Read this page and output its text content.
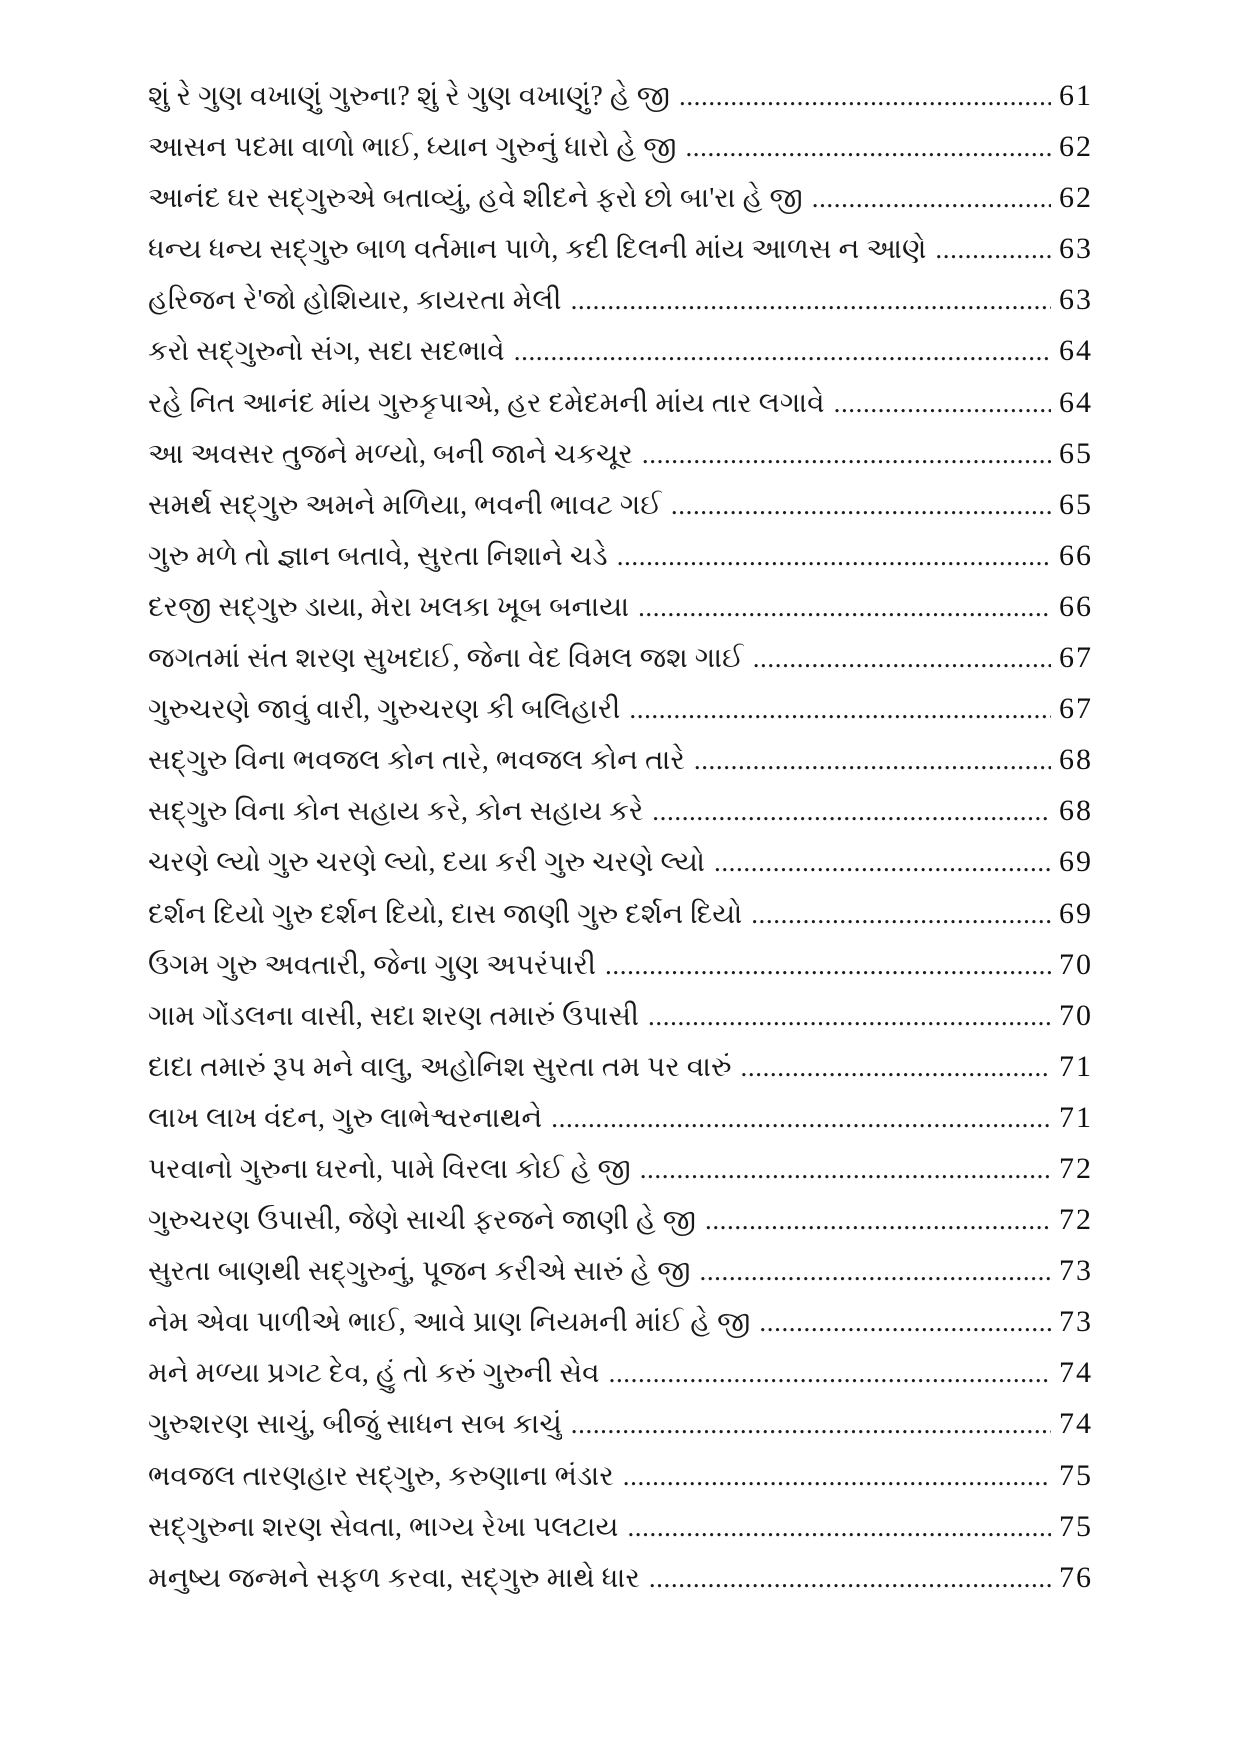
શું રે ગુણ વખાણું ગુરુના? શું રે ગુણ વખાણું? હે જી .....	61
આસન પદમા વાળો ભાઈ, ધ્યાન ગુરુનું ધારો હે જી .....	62
આનંદ ઘર સદ્ગુરુએ બતાવ્યું, હવે શીદને ફરો છો બા'રા હે જી .....	62
ધન્ય ધન્ય સદ્ગુરુ બાળ વર્તમાન પાળે, કદી દિલની માંય આળસ ન આણે .....	63
હરિજન રે'જો હોશિયાર, કાયરતા મેલી .....	63
કરો સદ્ગુરુનો સંગ, સદા સદભાવે .....	64
રહે નિત આનંદ માંય ગુરુકૃપાએ, હર દમેદમની માંય તાર લગાવે .....	64
આ અવસર તુજને મળ્યો, બની જાને ચકચૂર .....	65
સમર્થ સદ્ગુરુ અમને મળિયા, ભવની ભાવટ ગઈ .....	65
ગુરુ મળે તો જ્ઞાન બતાવે, સુરતા નિશાને ચડે .....	66
દરજી સદ્ગુરુ ડાયા, મેરા ખલકા ખૂબ બનાયા .....	66
જગતમાં સંત શરણ સુખદાઈ, જેના વેદ વિમલ જશ ગાઈ .....	67
ગુરુચરણે જાવું વારી, ગુરુચરણ કી બલિહારી .....	67
સદ્ગુરુ વિના ભવજલ કોન તારે, ભવજલ કોન તારે .....	68
સદ્ગુરુ વિના કોન સહાય કરે, કોન સહાય કરે .....	68
ચરણે લ્યો ગુરુ ચરણે લ્યો, દયા કરી ગુરુ ચરણે લ્યો .....	69
દર્શન દિયો ગુરુ દર્શન દિયો, દાસ જાણી ગુરુ દર્શન દિયો .....	69
ઉગમ ગુરુ અવતારી, જેના ગુણ અપરંપારી .....	70
ગામ ગોંડલના વાસી, સદા શરણ તમારું ઉપાસી .....	70
દાદા તમારું રૂપ મને વાલુ, અહોનિશ સુરતા તમ પર વારું .....	71
લાખ લાખ વંદન, ગુરુ લાભેશ્વરનાથને .....	71
પરવાનો ગુરુના ઘરનો, પામે વિરલા કોઈ હે જી .....	72
ગુરુચરણ ઉપાસી, જેણે સાચી ફરજને જાણી હે જી .....	72
સુરતા બાણથી સદ્ગુરુનું, પૂજન કરીએ સારું હે જી .....	73
નેમ એવા પાળીએ ભાઈ, આવે પ્રાણ નિયમની માંઈ હે જી .....	73
મને મળ્યા પ્રગટ દેવ, હું તો કરું ગુરુની સેવ .....	74
ગુરુશરણ સાચું, બીજું સાધન સબ કાચું .....	74
ભવજલ તારણહાર સદ્ગુરુ, કરુણાના ભંડાર .....	75
સદ્ગુરુના શરણ સેવતા, ભાગ્ય રેખા પલટાય .....	75
મનુષ્ય જન્મને સફળ કરવા, સદ્ગુરુ માથે ધાર .....	76
